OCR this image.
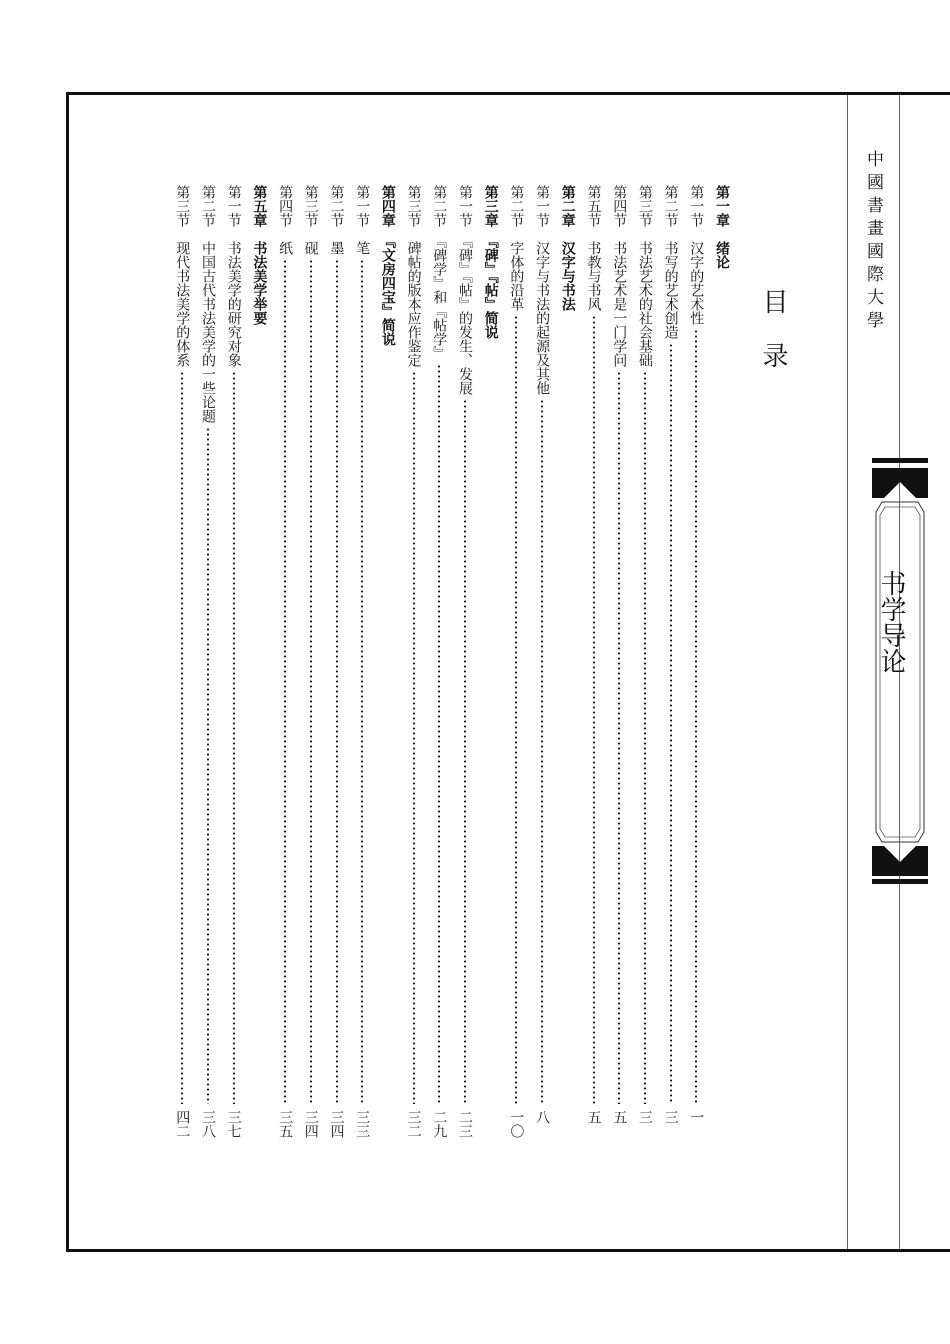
中國書畫國際大學
书学导论
目录
第一章　绪论
第一节　汉字的艺术性
一
第二节　书写的艺术创造
三
第三节　书法艺术的社会基础
三
第四节　书法艺术是一门学问
五
第五节　书教与书风
五
第二章　汉字与书法
第一节　汉字与书法的起源及其他
八
第二节　字体的沿革
一〇
第三章　『碑』『帖』简说
第一节　『碑』『帖』的发生、发展
二三
第二节　『碑学』和『帖学』
二九
第三节　碑帖的版本应作鉴定
三二
第四章　『文房四宝』简说
第一节　笔
三三
第二节　墨
三四
第三节　砚
三四
第四节　纸
三五
第五章　书法美学举要
第一节　书法美学的研究对象
三七
第二节　中国古代书法美学的一些论题
三八
第三节　现代书法美学的体系
四二
